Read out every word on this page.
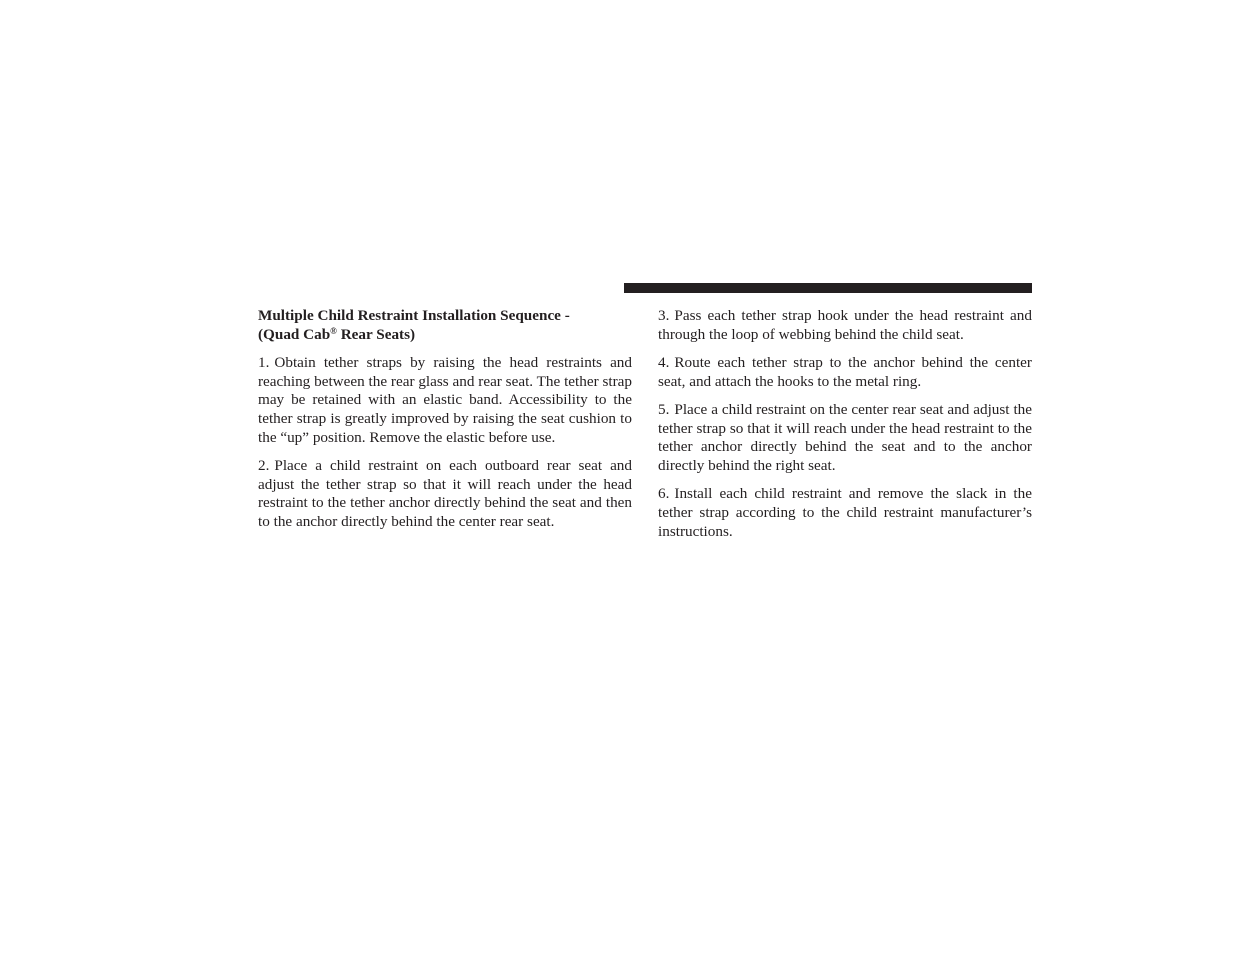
Multiple Child Restraint Installation Sequence -
(Quad Cab® Rear Seats)

1. Obtain tether straps by raising the head restraints and reaching between the rear glass and rear seat. The tether strap may be retained with an elastic band. Accessibility to the tether strap is greatly improved by raising the seat cushion to the “up” position. Remove the elastic before use.

2. Place a child restraint on each outboard rear seat and adjust the tether strap so that it will reach under the head restraint to the tether anchor directly behind the seat and then to the anchor directly behind the center rear seat.

3. Pass each tether strap hook under the head restraint and through the loop of webbing behind the child seat.

4. Route each tether strap to the anchor behind the center seat, and attach the hooks to the metal ring.

5. Place a child restraint on the center rear seat and adjust the tether strap so that it will reach under the head restraint to the tether anchor directly behind the seat and to the anchor directly behind the right seat.

6. Install each child restraint and remove the slack in the tether strap according to the child restraint manufacturer’s instructions.
